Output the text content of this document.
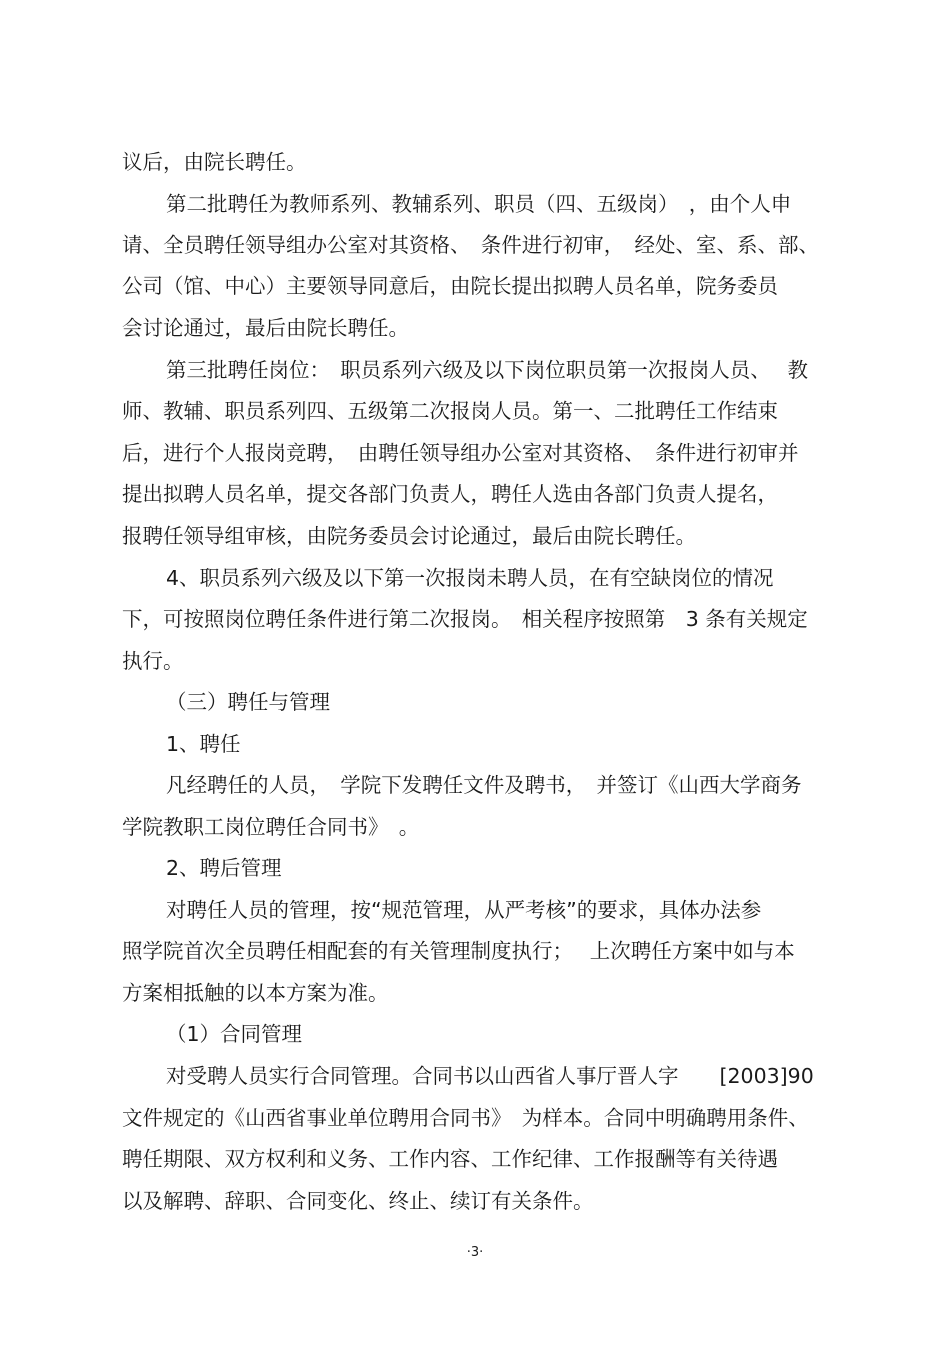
议后，由院长聘任。
第二批聘任为教师系列、教辅系列、职员（四、五级岗）　，由个人申
请、全员聘任领导组办公室对其资格、　条件进行初审，　经处、室、系、部、
公司（馆、中心）主要领导同意后，由院长提出拟聘人员名单，院务委员
会讨论通过，最后由院长聘任。
第三批聘任岗位：　职员系列六级及以下岗位职员第一次报岗人员、　 教
师、教辅、职员系列四、五级第二次报岗人员。第一、二批聘任工作结束
后，进行个人报岗竞聘，　由聘任领导组办公室对其资格、　条件进行初审并
提出拟聘人员名单，提交各部门负责人，聘任人选由各部门负责人提名，
报聘任领导组审核，由院务委员会讨论通过，最后由院长聘任。
4、职员系列六级及以下第一次报岗未聘人员，在有空缺岗位的情况
下，可按照岗位聘任条件进行第二次报岗。　相关程序按照第　3 条有关规定
执行。
（三）聘任与管理
1、聘任
凡经聘任的人员，　学院下发聘任文件及聘书，　并签订《山西大学商务
学院教职工岗位聘任合同书》　。
2、聘后管理
对聘任人员的管理，按“规范管理，从严考核”的要求，具体办法参
照学院首次全员聘任相配套的有关管理制度执行；　 上次聘任方案中如与本
方案相抵触的以本方案为准。
（1）合同管理
对受聘人员实行合同管理。合同书以山西省人事厅晋人字　　[2003]90
文件规定的《山西省事业单位聘用合同书》　为样本。合同中明确聘用条件、
聘任期限、双方权利和义务、工作内容、工作纪律、工作报酬等有关待遇
以及解聘、辞职、合同变化、终止、续订有关条件。
·3·
